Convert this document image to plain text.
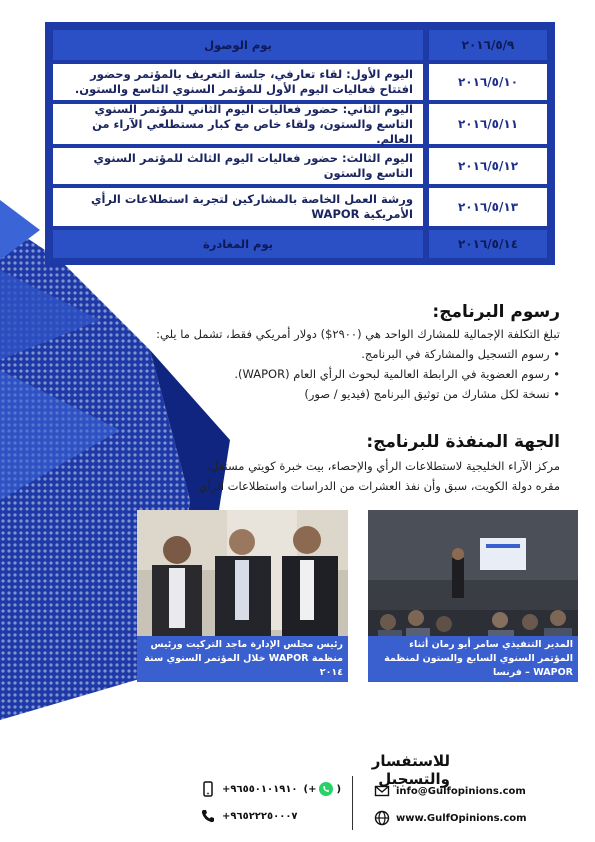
٢٠١٦/٥/٩
يوم الوصول
٢٠١٦/٥/١٠
اليوم الأول: لقاء تعارفي، جلسة التعريف بالمؤتمر وحضور افتتاح فعاليات اليوم الأول للمؤتمر السنوي التاسع والستون.
٢٠١٦/٥/١١
اليوم الثاني: حضور فعاليات اليوم الثاني للمؤتمر السنوي التاسع والستون، ولقاء خاص مع كبار مستطلعي الآراء من العالم.
٢٠١٦/٥/١٢
اليوم الثالث: حضور فعاليات اليوم الثالث للمؤتمر السنوي التاسع والستون
٢٠١٦/٥/١٣
ورشة العمل الخاصة بالمشاركين لتجربة استطلاعات الرأي الأمريكية WAPOR
٢٠١٦/٥/١٤
يوم المغادرة

رسوم البرنامج:

تبلغ التكلفة الإجمالية للمشارك الواحد هي (٢٩٠٠$) دولار أمريكي فقط، تشمل ما يلي:

• رسوم التسجيل والمشاركة في البرنامج.

• رسوم العضوية في الرابطة العالمية لبحوث الرأي العام (WAPOR).

• نسخة لكل مشارك من توثيق البرنامج (فيديو / صور)

الجهة المنفذة للبرنامج:

مركز الآراء الخليجية لاستطلاعات الرأي والإحصاء، بيت خبرة كويتي مستقل،

مقره دولة الكويت، سبق وأن نفذ العشرات من الدراسات واستطلاعات الرأي

رئيس مجلس الإدارة ماجد التركيت ورئيس منظمة WAPOR خلال المؤتمر السنوي سنة ٢٠١٤
المدير التنفيذي سامر أبو رمان أثناء المؤتمر السنوي السابع والستون لمنظمة WAPOR – فرنسا
للاستفسار والتسجيل
+٩٦٥٥٠١٠١٩١٠ (+ )
+٩٦٥٢٢٢٥٠٠٠٧
info@Gulfopinions.com
www.GulfOpinions.com
